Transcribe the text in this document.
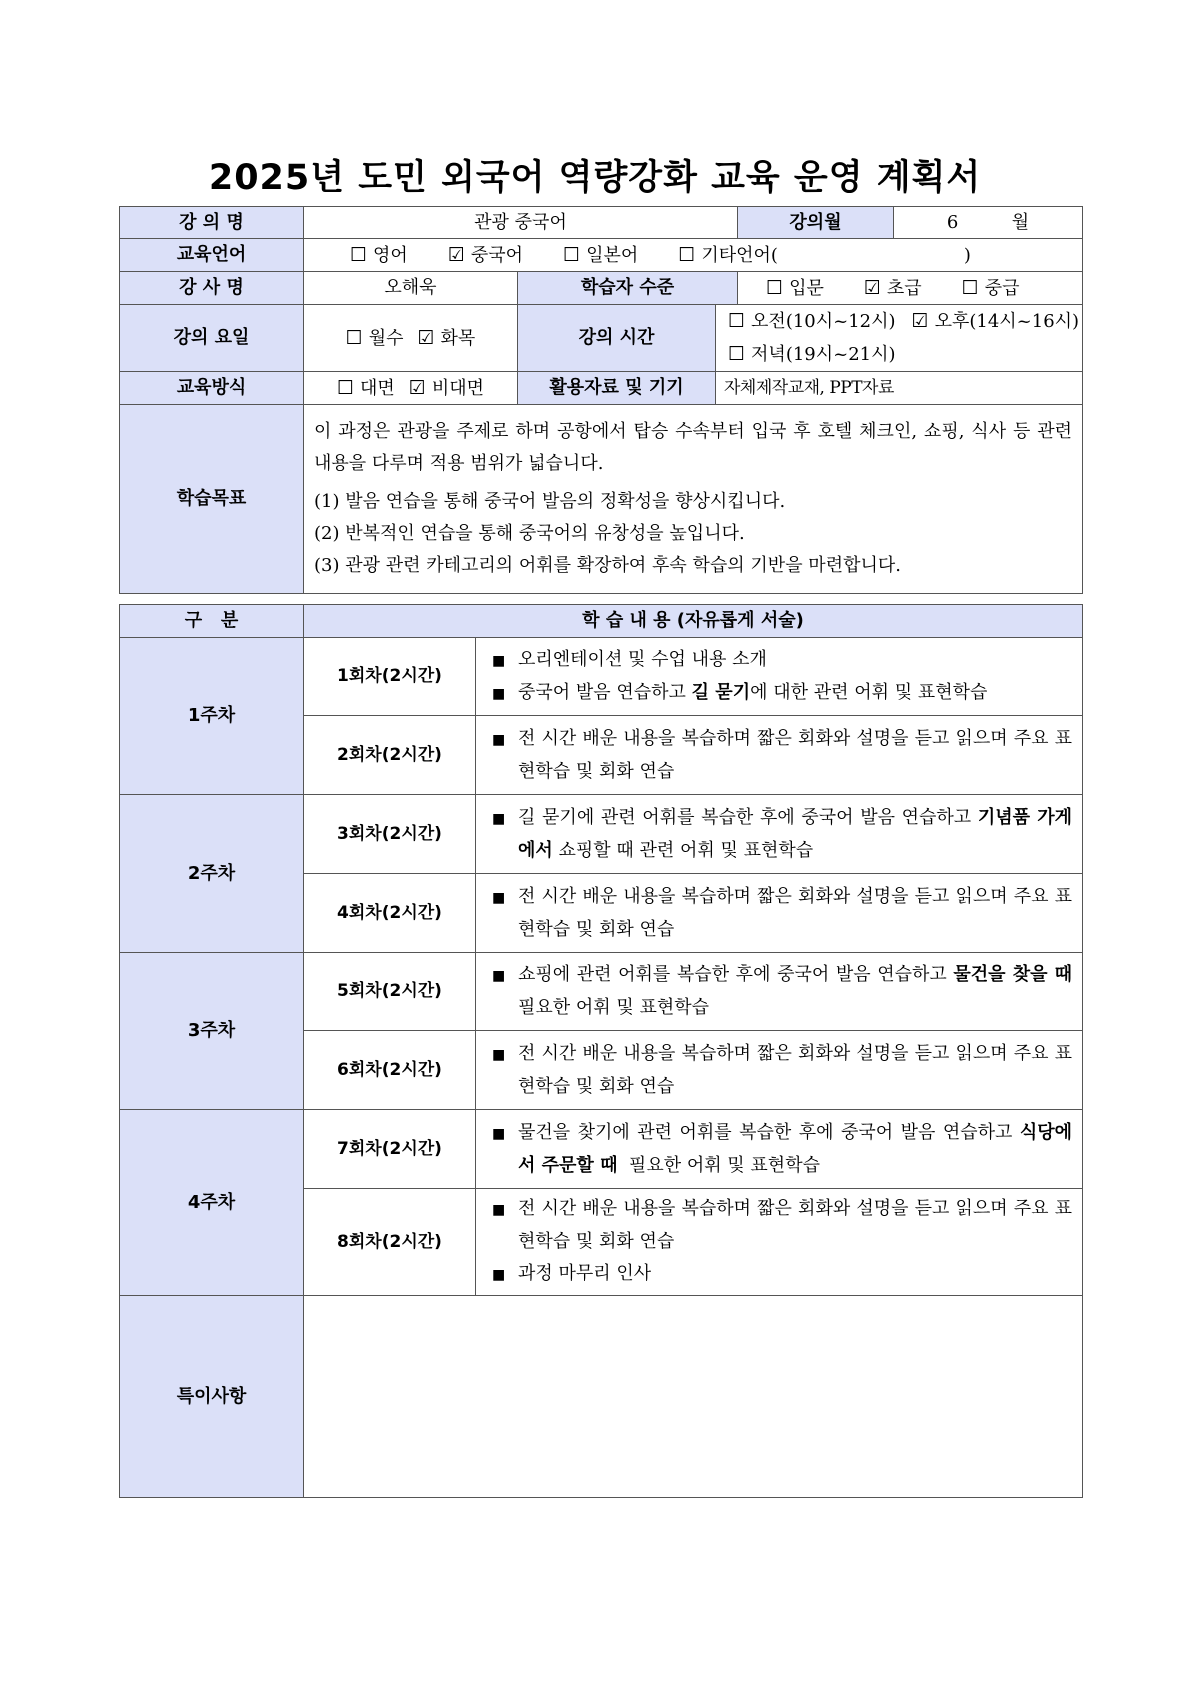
2025년 도민 외국어 역량강화 교육 운영 계획서
강 의 명	관광 중국어			강의월	6 월
교육언어	☐ 영어 ☑ 중국어 ☐ 일본어 ☐ 기타언어( )				
강 사 명	오해욱	학습자 수준		☐ 입문 ☑ 초급 ☐ 중급	
강의 요일	☐ 월수 ☑ 화목	강의 시간	☐ 오전(10시~12시) ☑ 오후(14시~16시)
☐ 저녁(19시~21시)		
교육방식	☐ 대면 ☑ 비대면	활용자료 및 기기	자체제작교재, PPT자료		
학습목표	이 과정은 관광을 주제로 하며 공항에서 탑승 수속부터 입국 후 호텔 체크인, 쇼핑, 식사 등 관련 내용을 다루며 적용 범위가 넓습니다.

(1) 발음 연습을 통해 중국어 발음의 정확성을 향상시킵니다.

(2) 반복적인 연습을 통해 중국어의 유창성을 높입니다.

(3) 관광 관련 카테고리의 어휘를 확장하여 후속 학습의 기반을 마련합니다.				

구   분	학 습 내 용 (자유롭게 서술)	
1주차	1회차(2시간)	■ 오리엔테이션 및 수업 내용 소개
■ 중국어 발음 연습하고 길 묻기에 대한 관련 어휘 및 표현학습

	2회차(2시간)	■ 전 시간 배운 내용을 복습하며 짧은 회화와 설명을 듣고 읽으며 주요 표현학습 및 회화 연습

2주차	3회차(2시간)	■ 길 묻기에 관련 어휘를 복습한 후에 중국어 발음 연습하고 기념품 가게에서 쇼핑할 때 관련 어휘 및 표현학습

	4회차(2시간)	■ 전 시간 배운 내용을 복습하며 짧은 회화와 설명을 듣고 읽으며 주요 표현학습 및 회화 연습

3주차	5회차(2시간)	■ 쇼핑에 관련 어휘를 복습한 후에 중국어 발음 연습하고 물건을 찾을 때 필요한 어휘 및 표현학습

	6회차(2시간)	■ 전 시간 배운 내용을 복습하며 짧은 회화와 설명을 듣고 읽으며 주요 표현학습 및 회화 연습

4주차	7회차(2시간)	■ 물건을 찾기에 관련 어휘를 복습한 후에 중국어 발음 연습하고 식당에서 주문할 때  필요한 어휘 및 표현학습

	8회차(2시간)	■ 전 시간 배운 내용을 복습하며 짧은 회화와 설명을 듣고 읽으며 주요 표현학습 및 회화 연습
■ 과정 마무리 인사

특이사항		
